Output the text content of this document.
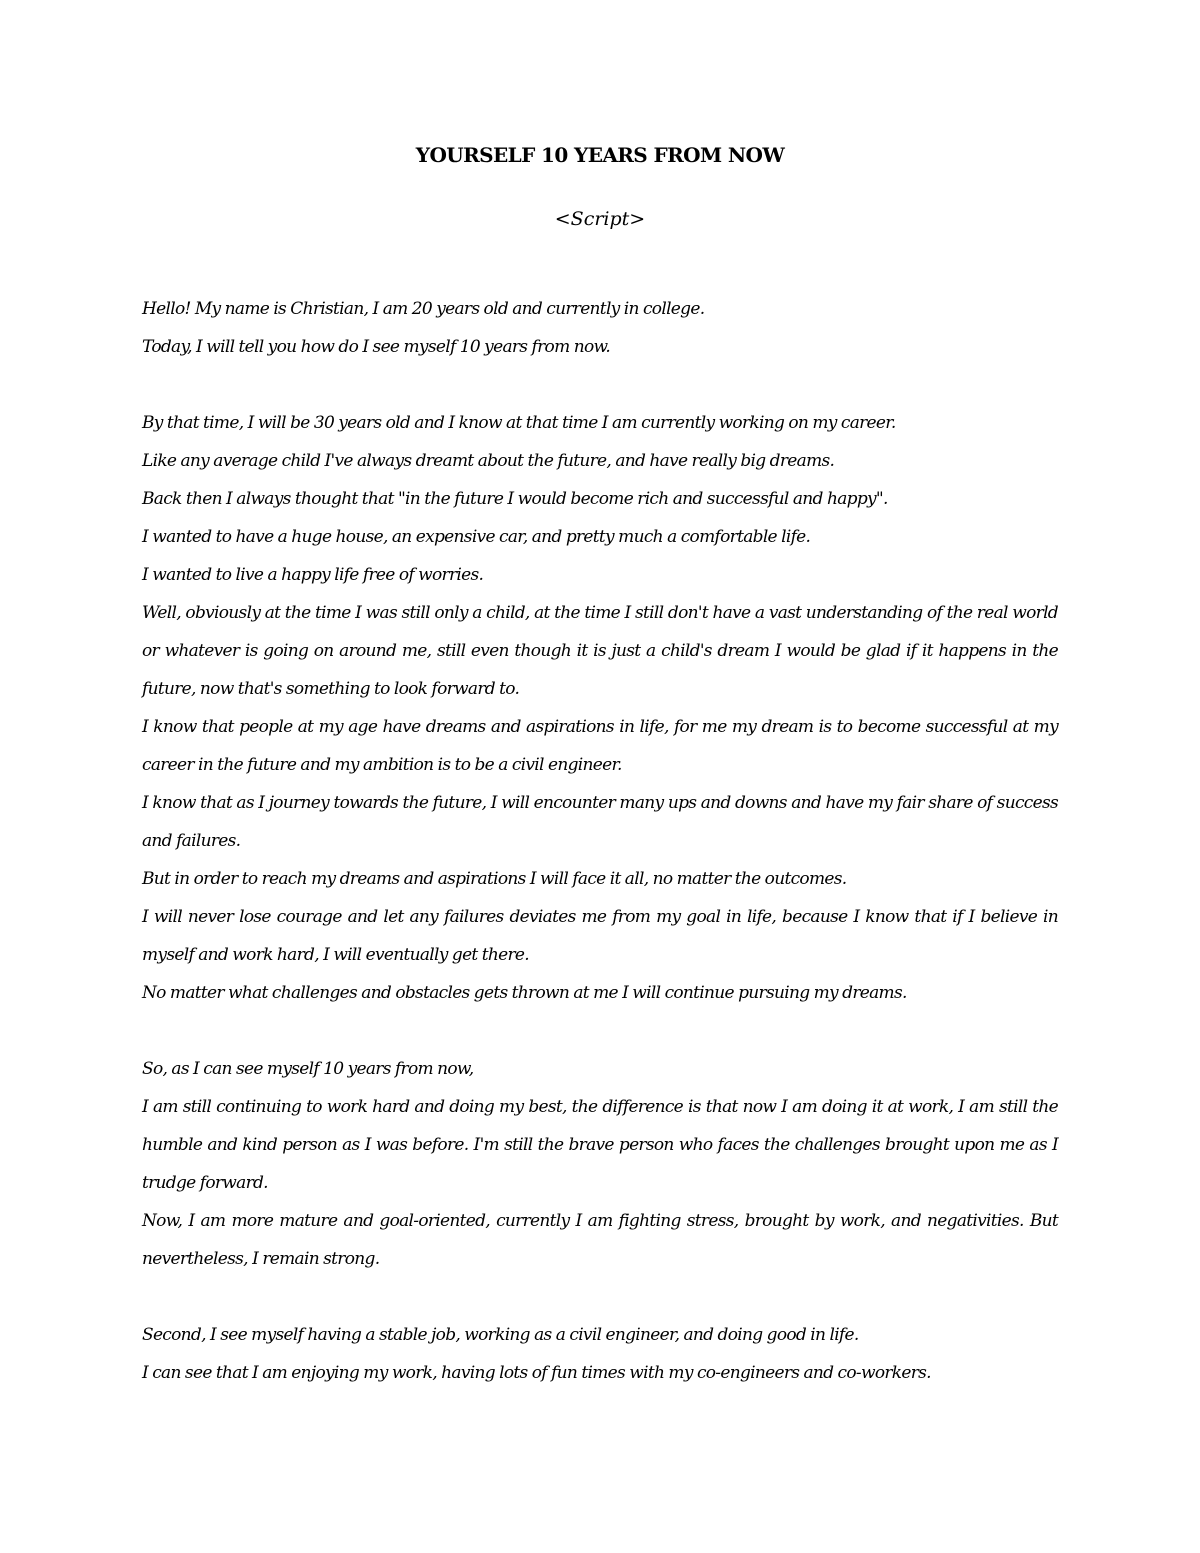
YOURSELF 10 YEARS FROM NOW
<Script>

Hello! My name is Christian, I am 20 years old and currently in college.

Today, I will tell you how do I see myself 10 years from now.

By that time, I will be 30 years old and I know at that time I am currently working on my career.

Like any average child I've always dreamt about the future, and have really big dreams.

Back then I always thought that "in the future I would become rich and successful and happy".

I wanted to have a huge house, an expensive car, and pretty much a comfortable life.

I wanted to live a happy life free of worries.

Well, obviously at the time I was still only a child, at the time I still don't have a vast understanding of the real world or whatever is going on around me, still even though it is just a child's dream I would be glad if it happens in the future, now that's something to look forward to.

I know that people at my age have dreams and aspirations in life, for me my dream is to become successful at my career in the future and my ambition is to be a civil engineer.

I know that as I journey towards the future, I will encounter many ups and downs and have my fair share of success and failures.

But in order to reach my dreams and aspirations I will face it all, no matter the outcomes.

I will never lose courage and let any failures deviates me from my goal in life, because I know that if I believe in myself and work hard, I will eventually get there.

No matter what challenges and obstacles gets thrown at me I will continue pursuing my dreams.

So, as I can see myself 10 years from now,

I am still continuing to work hard and doing my best, the difference is that now I am doing it at work, I am still the humble and kind person as I was before. I'm still the brave person who faces the challenges brought upon me as I trudge forward.

Now, I am more mature and goal-oriented, currently I am fighting stress, brought by work, and negativities. But nevertheless, I remain strong.

Second, I see myself having a stable job, working as a civil engineer, and doing good in life.

I can see that I am enjoying my work, having lots of fun times with my co-engineers and co-workers.
